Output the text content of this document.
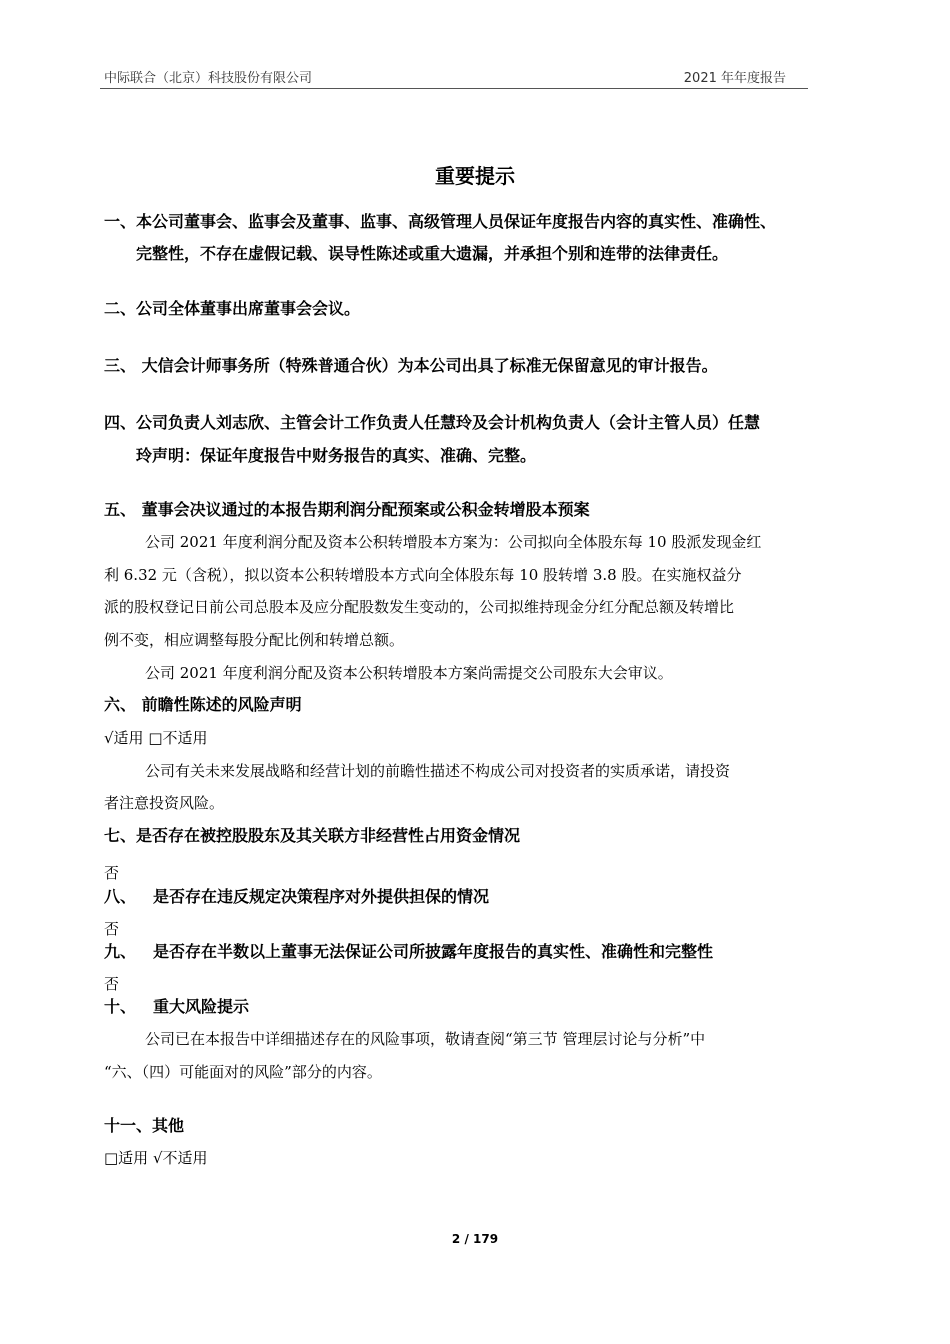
中际联合（北京）科技股份有限公司	2021 年年度报告
重要提示
一、本公司董事会、监事会及董事、监事、高级管理人员保证年度报告内容的真实性、准确性、
完整性，不存在虚假记载、误导性陈述或重大遗漏，并承担个别和连带的法律责任。
二、公司全体董事出席董事会会议。
三、 大信会计师事务所（特殊普通合伙）为本公司出具了标准无保留意见的审计报告。
四、公司负责人刘志欣、主管会计工作负责人任慧玲及会计机构负责人（会计主管人员）任慧
玲声明：保证年度报告中财务报告的真实、准确、完整。
五、 董事会决议通过的本报告期利润分配预案或公积金转增股本预案
公司 2021 年度利润分配及资本公积转增股本方案为：公司拟向全体股东每 10 股派发现金红
利 6.32 元（含税），拟以资本公积转增股本方式向全体股东每 10 股转增 3.8 股。在实施权益分
派的股权登记日前公司总股本及应分配股数发生变动的，公司拟维持现金分红分配总额及转增比
例不变，相应调整每股分配比例和转增总额。
公司 2021 年度利润分配及资本公积转增股本方案尚需提交公司股东大会审议。
六、 前瞻性陈述的风险声明
√适用 □不适用
公司有关未来发展战略和经营计划的前瞻性描述不构成公司对投资者的实质承诺，请投资
者注意投资风险。
七、是否存在被控股股东及其关联方非经营性占用资金情况
否
八、 是否存在违反规定决策程序对外提供担保的情况
否
九、 是否存在半数以上董事无法保证公司所披露年度报告的真实性、准确性和完整性
否
十、 重大风险提示
公司已在本报告中详细描述存在的风险事项，敬请查阅“第三节 管理层讨论与分析”中
“六、（四）可能面对的风险”部分的内容。
十一、其他
□适用 √不适用
2 / 179
